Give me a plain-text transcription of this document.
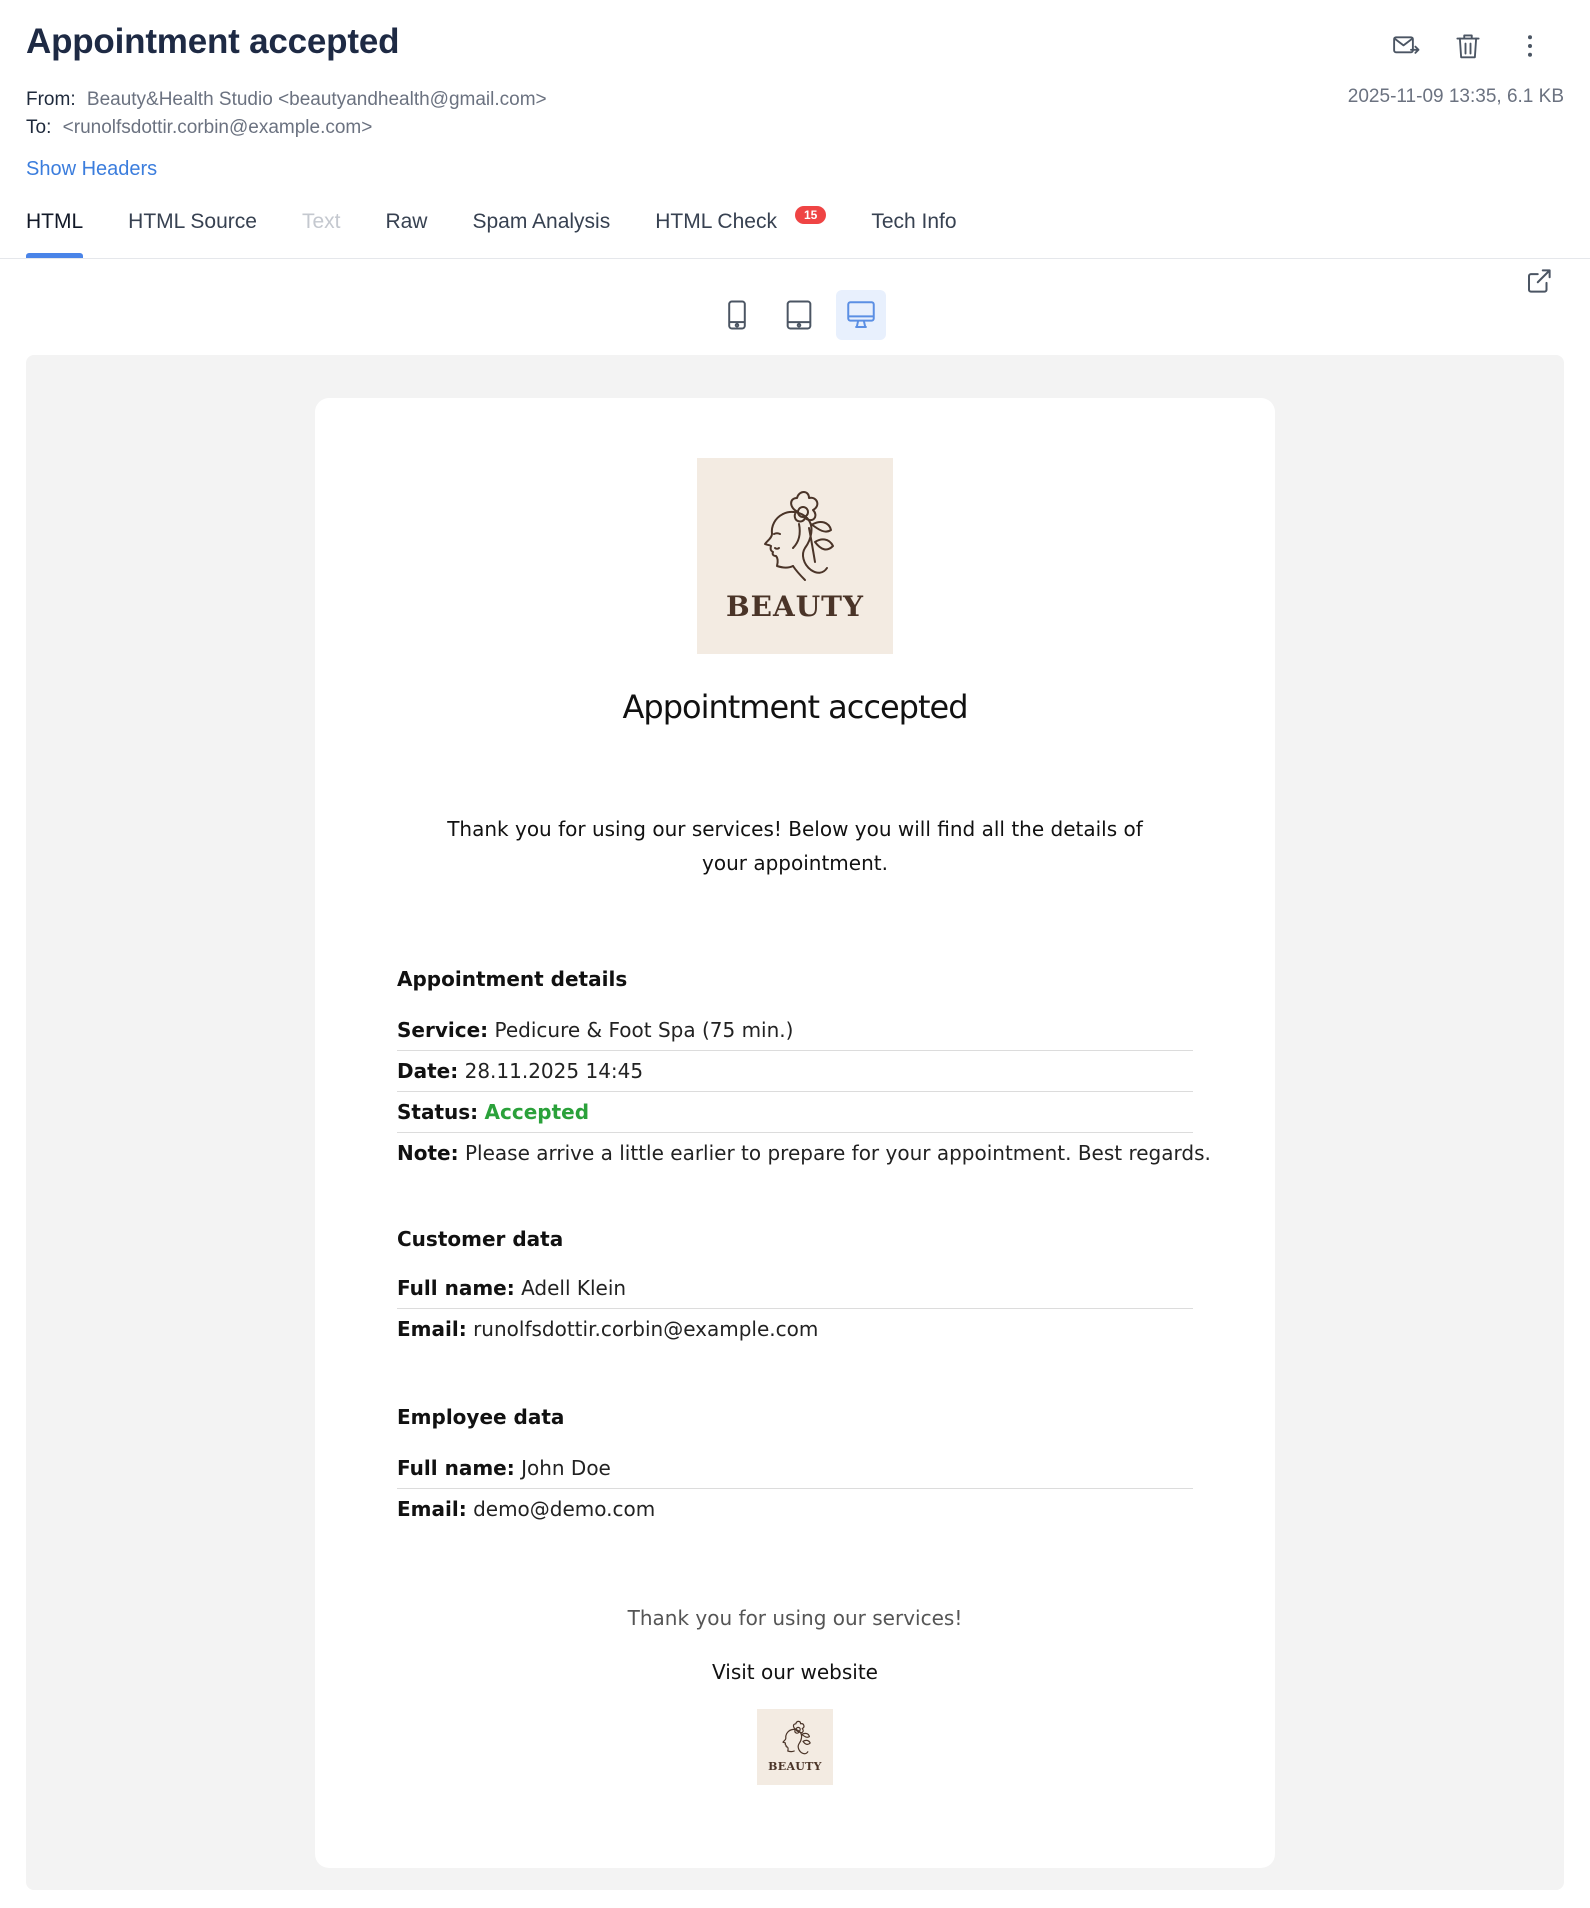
Appointment accepted
From: Beauty&Health Studio <beautyandhealth@gmail.com>
To: <runolfsdottir.corbin@example.com>
2025-11-09 13:35, 6.1 KB
Show Headers
HTML HTML Source Text Raw Spam Analysis HTML Check 15	Tech Info
BEAUTY
Appointment accepted
Thank you for using our services! Below you will find all the details of your appointment.
Appointment details
Service: Pedicure & Foot Spa (75 min.)
Date: 28.11.2025 14:45
Status: Accepted
Note: Please arrive a little earlier to prepare for your appointment. Best regards.
Customer data
Full name: Adell Klein
Email: runolfsdottir.corbin@example.com
Employee data
Full name: John Doe
Email: demo@demo.com
Thank you for using our services!
Visit our website
BEAUTY
